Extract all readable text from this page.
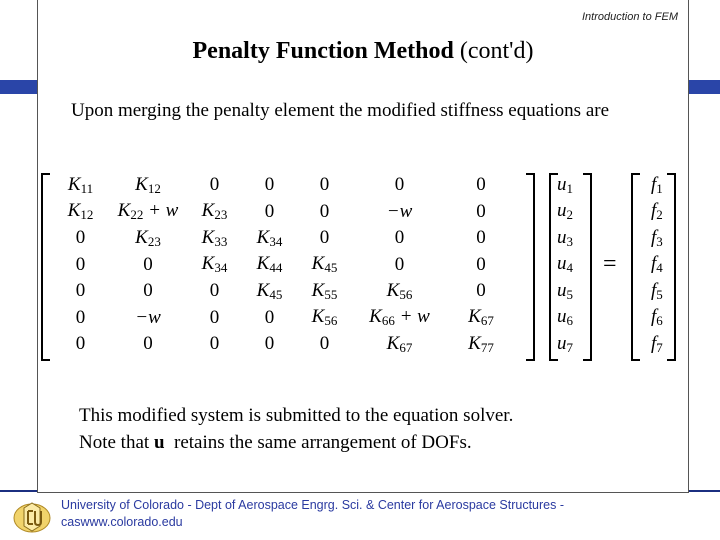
Introduction to FEM
Penalty Function Method (cont'd)
Upon merging the penalty element the modified stiffness equations are
K11	K12	0	0	0	0	0
K12	K22 + w	K23	0	0	−w	0
0	K23	K33	K34	0	0	0
0	0	K34	K44	K45	0	0
0	0	0	K45	K55	K56	0
0	−w	0	0	K56	K66 + w	K67
0	0	0	0	0	K67	K77
u1
u2
u3
u4
u5
u6
u7
=
f1
f2
f3
f4
f5
f6
f7
This modified system is submitted to the equation solver.
Note that u  retains the same arrangement of DOFs.
University of Colorado - Dept of Aerospace Engrg. Sci. & Center for Aerospace Structures -
caswww.colorado.edu
